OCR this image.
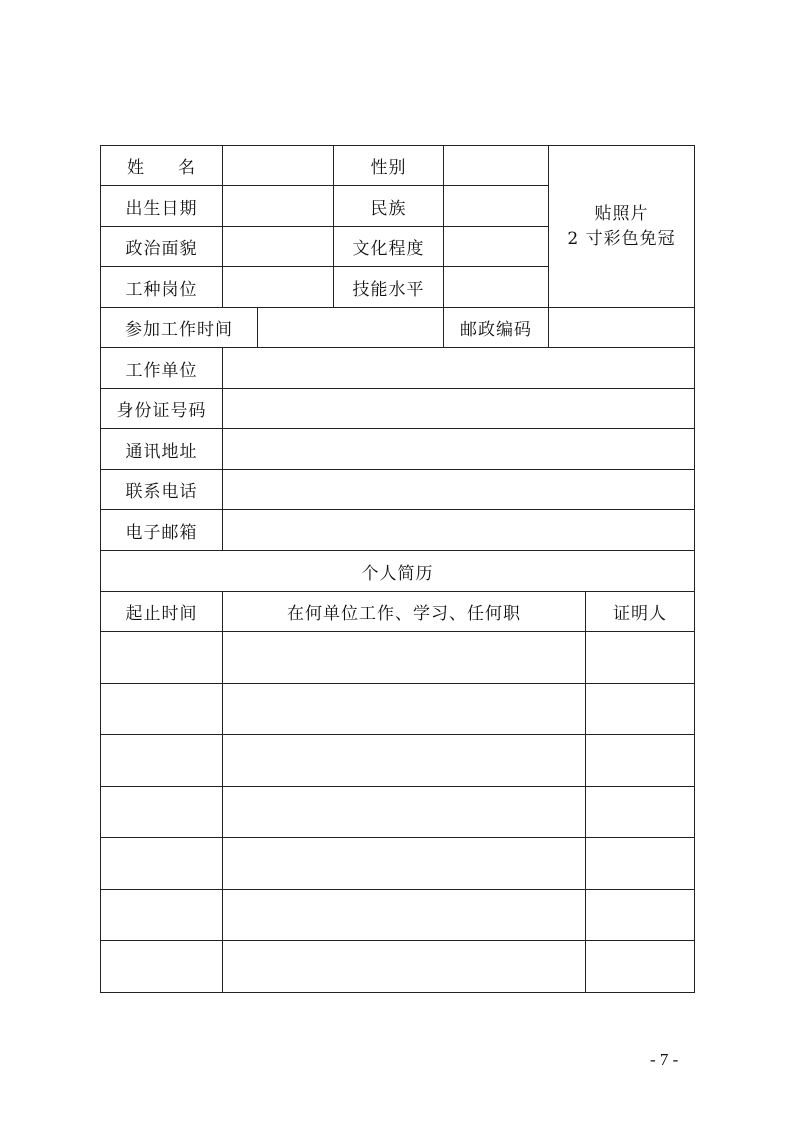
姓 名	性别
贴照片
2 寸彩色免冠
出生日期	民族
政治面貌	文化程度
工种岗位	技能水平
参加工作时间	邮政编码
工作单位
身份证号码
通讯地址
联系电话
电子邮箱
个人简历
起止时间	在何单位工作、学习、任何职	证明人
- 7 -
